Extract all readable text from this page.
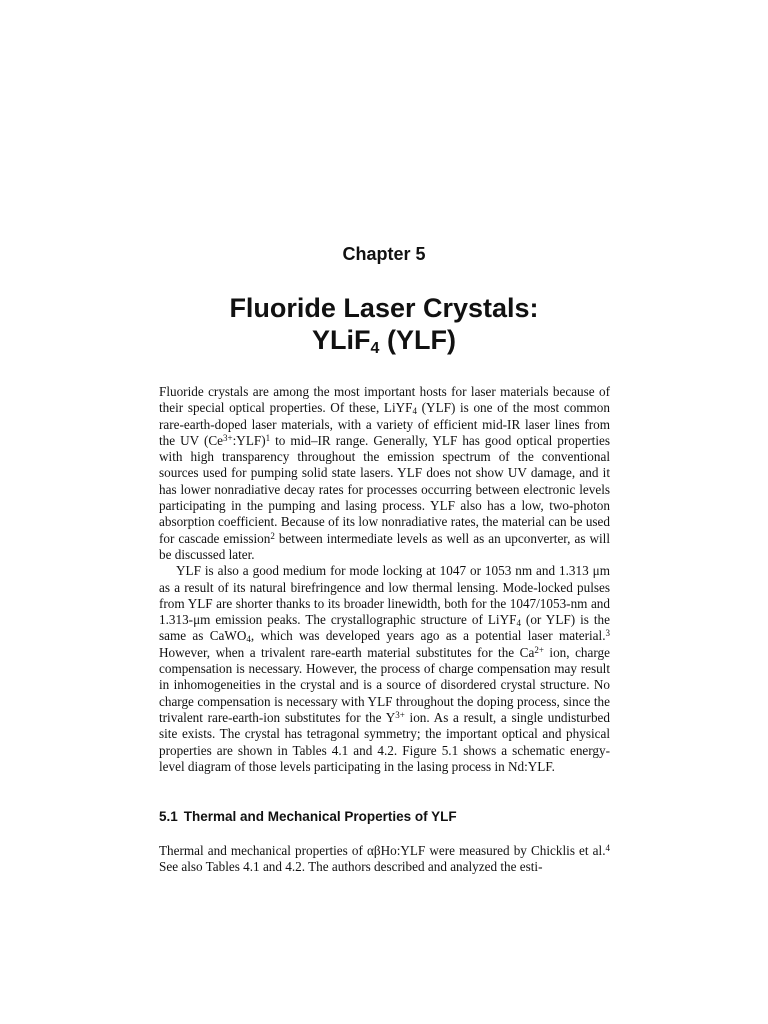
Chapter 5
Fluoride Laser Crystals:
YLiF$_4$ (YLF)

Fluoride crystals are among the most important hosts for laser materials because of their special optical properties. Of these, LiYF$_4$ (YLF) is one of the most common rare-earth-doped laser materials, with a variety of efficient mid-IR laser lines from the UV $(Ce^{3+}:YLF)^1$ to mid–IR range. Generally, YLF has good optical properties with high transparency throughout the emission spectrum of the conventional sources used for pumping solid state lasers. YLF does not show UV damage, and it has lower nonradiative decay rates for processes occurring between electronic levels participating in the pumping and lasing process. YLF also has a low, two-photon absorption coefficient. Because of its low nonradiative rates, the material can be used for cascade emission$^2$ between intermediate levels as well as an upconverter, as will be discussed later.

YLF is also a good medium for mode locking at 1047 or 1053 nm and 1.313 μm as a result of its natural birefringence and low thermal lensing. Mode-locked pulses from YLF are shorter thanks to its broader linewidth, both for the 1047/1053-nm and 1.313-μm emission peaks. The crystallographic structure of LiYF$_4$ (or YLF) is the same as CaWO$_4$, which was developed years ago as a potential laser material.$^3$ However, when a trivalent rare-earth material substitutes for the $Ca^{2+}$ ion, charge compensation is necessary. However, the process of charge compensation may result in inhomogeneities in the crystal and is a source of disordered crystal structure. No charge compensation is necessary with YLF throughout the doping process, since the trivalent rare-earth-ion substitutes for the $Y^{3+}$ ion. As a result, a single undisturbed site exists. The crystal has tetragonal symmetry; the important optical and physical properties are shown in Tables 4.1 and 4.2. Figure 5.1 shows a schematic energy-level diagram of those levels participating in the lasing process in Nd:YLF.

5.1 Thermal and Mechanical Properties of YLF

Thermal and mechanical properties of αβHo:YLF were measured by Chicklis et al.$^4$ See also Tables 4.1 and 4.2. The authors described and analyzed the esti-
